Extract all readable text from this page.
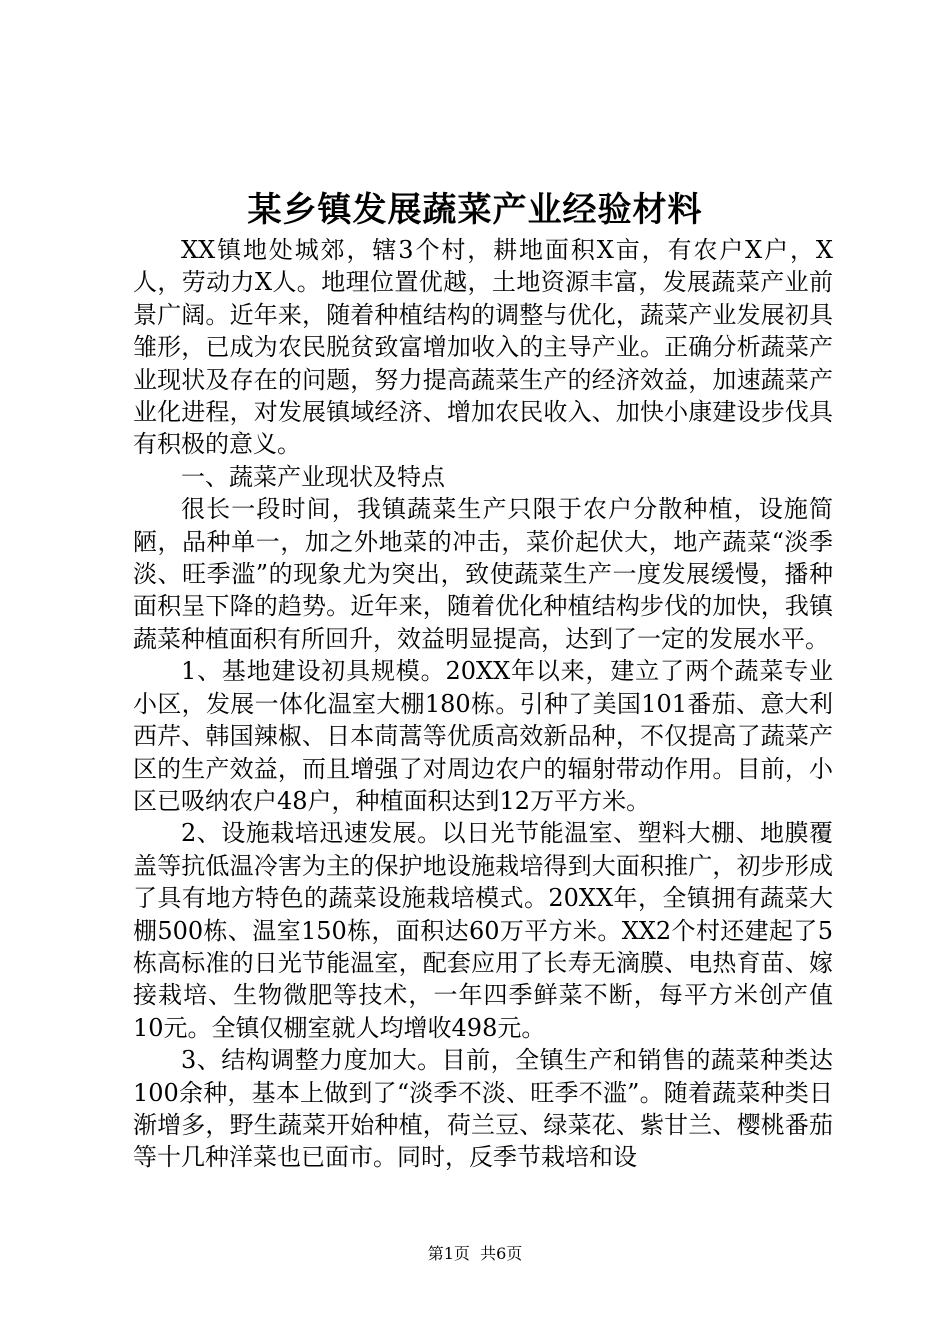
某乡镇发展蔬菜产业经验材料

XX镇地处城郊，辖3个村，耕地面积X亩，有农户X户，X人，劳动力X人。地理位置优越，土地资源丰富，发展蔬菜产业前景广阔。近年来，随着种植结构的调整与优化，蔬菜产业发展初具雏形，已成为农民脱贫致富增加收入的主导产业。正确分析蔬菜产业现状及存在的问题，努力提高蔬菜生产的经济效益，加速蔬菜产业化进程，对发展镇域经济、增加农民收入、加快小康建设步伐具有积极的意义。

一、蔬菜产业现状及特点

很长一段时间，我镇蔬菜生产只限于农户分散种植，设施简陋，品种单一，加之外地菜的冲击，菜价起伏大，地产蔬菜“淡季淡、旺季滥”的现象尤为突出，致使蔬菜生产一度发展缓慢，播种面积呈下降的趋势。近年来，随着优化种植结构步伐的加快，我镇蔬菜种植面积有所回升，效益明显提高，达到了一定的发展水平。

1、基地建设初具规模。20XX年以来，建立了两个蔬菜专业小区，发展一体化温室大棚180栋。引种了美国101番茄、意大利西芹、韩国辣椒、日本茼蒿等优质高效新品种，不仅提高了蔬菜产区的生产效益，而且增强了对周边农户的辐射带动作用。目前，小区已吸纳农户48户，种植面积达到12万平方米。

2、设施栽培迅速发展。以日光节能温室、塑料大棚、地膜覆盖等抗低温冷害为主的保护地设施栽培得到大面积推广，初步形成了具有地方特色的蔬菜设施栽培模式。20XX年，全镇拥有蔬菜大棚500栋、温室150栋，面积达60万平方米。XX2个村还建起了5栋高标准的日光节能温室，配套应用了长寿无滴膜、电热育苗、嫁接栽培、生物微肥等技术，一年四季鲜菜不断，每平方米创产值10元。全镇仅棚室就人均增收498元。

3、结构调整力度加大。目前，全镇生产和销售的蔬菜种类达100余种，基本上做到了“淡季不淡、旺季不滥”。随着蔬菜种类日渐增多，野生蔬菜开始种植，荷兰豆、绿菜花、紫甘兰、樱桃番茄等十几种洋菜也已面市。同时，反季节栽培和设

第1页  共6页
